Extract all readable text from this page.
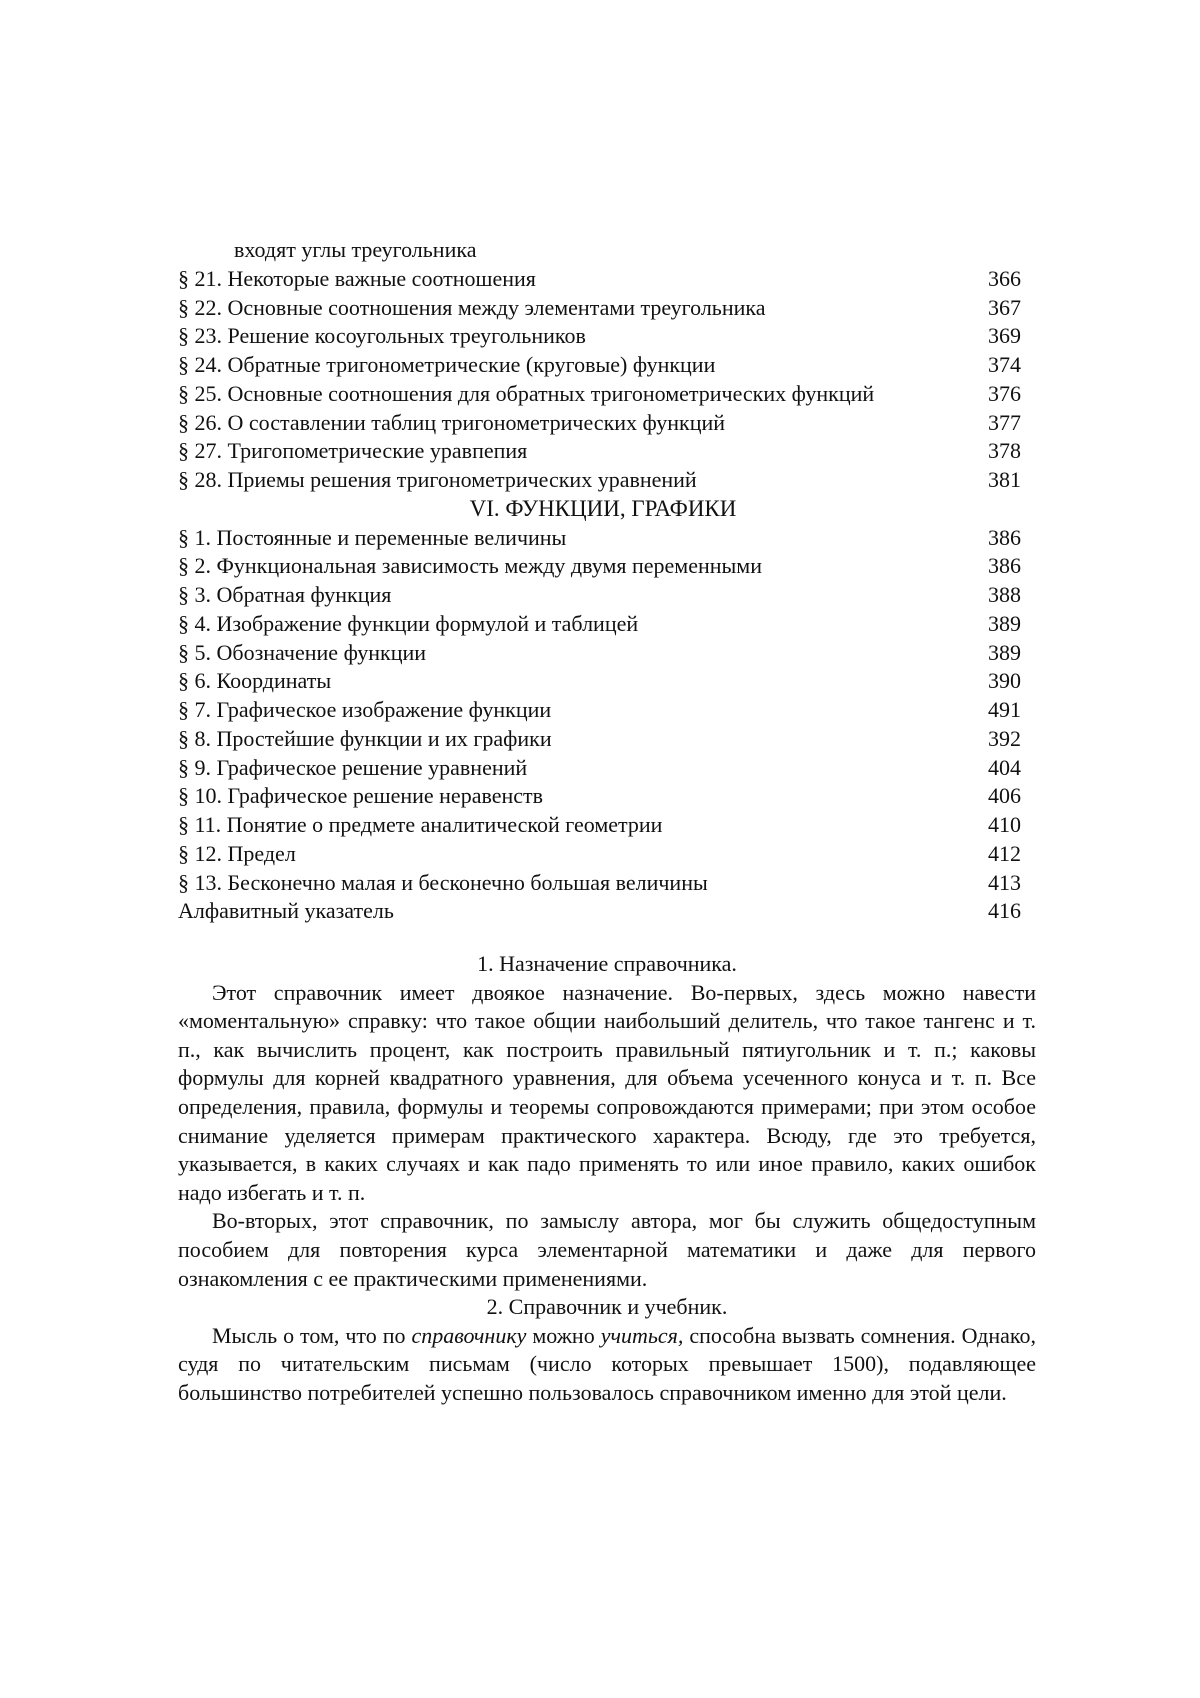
входят углы треугольника
§ 21. Некоторые важные соотношения	366
§ 22. Основные соотношения между элементами треугольника	367
§ 23. Решение косоугольных треугольников	369
§ 24. Обратные тригонометрические (круговые) функции	374
§ 25. Основные соотношения для обратных тригонометрических функций	376
§ 26. О составлении таблиц тригонометрических функций	377
§ 27. Тригопометрические уравпепия	378
§ 28. Приемы решения тригонометрических уравнений	381
VI. ФУНКЦИИ, ГРАФИКИ
§ 1. Постоянные и переменные величины	386
§ 2. Функциональная зависимость между двумя переменными	386
§ 3. Обратная функция	388
§ 4. Изображение функции формулой и таблицей	389
§ 5. Обозначение функции	389
§ 6. Координаты	390
§ 7. Графическое изображение функции	491
§ 8. Простейшие функции и их графики	392
§ 9. Графическое решение уравнений	404
§ 10. Графическое решение неравенств	406
§ 11. Понятие о предмете аналитической геометрии	410
§ 12. Предел	412
§ 13. Бесконечно малая и бесконечно большая величины	413
Алфавитный указатель	416

1. Назначение справочника.

Этот справочник имеет двоякое назначение. Во-первых, здесь можно навести «моментальную» справку: что такое общии наибольший делитель, что такое тангенс и т. п., как вычислить процент, как построить правильный пятиугольник и т. п.; каковы формулы для корней квадратного уравнения, для объема усеченного конуса и т. п. Все определения, правила, формулы и теоремы сопровождаются примерами; при этом особое снимание уделяется примерам практического характера. Всюду, где это требуется, указывается, в каких случаях и как падо применять то или иное правило, каких ошибок надо избегать и т. п.

Во-вторых, этот справочник, по замыслу автора, мог бы служить общедоступным пособием для повторения курса элементарной математики и даже для первого ознакомления с ее практическими применениями.

2. Справочник и учебник.

Мысль о том, что по справочнику можно учиться, способна вызвать сомнения. Однако, судя по читательским письмам (число которых превышает 1500), подавляющее большинство потребителей успешно пользовалось справочником именно для этой цели.
